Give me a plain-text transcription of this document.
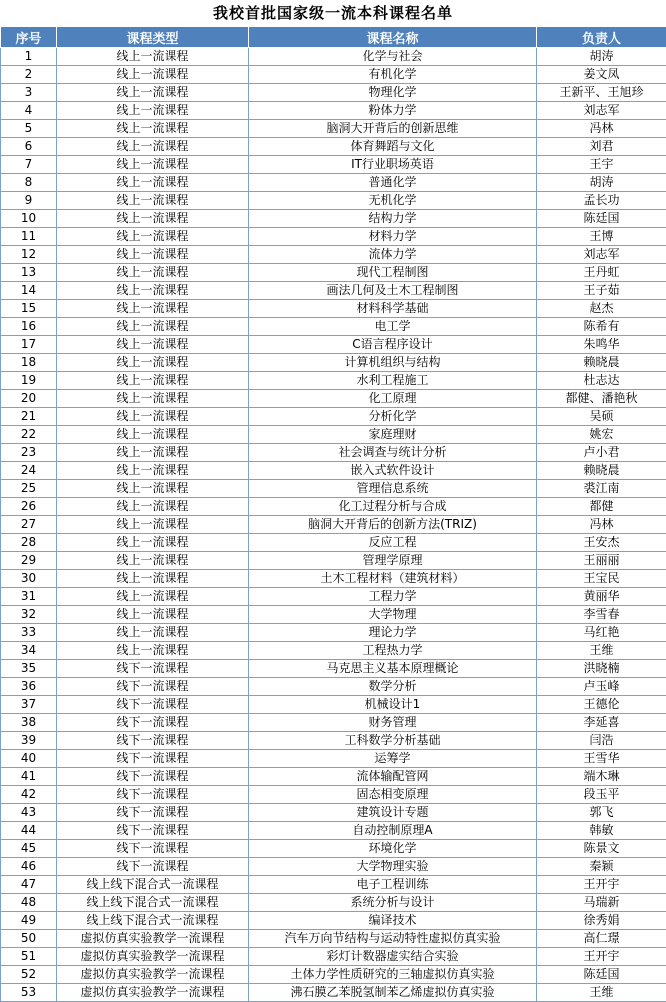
我校首批国家级一流本科课程名单
序号	课程类型	课程名称	负责人
1	线上一流课程	化学与社会	胡涛
2	线上一流课程	有机化学	姜文凤
3	线上一流课程	物理化学	王新平、王旭珍
4	线上一流课程	粉体力学	刘志军
5	线上一流课程	脑洞大开背后的创新思维	冯林
6	线上一流课程	体育舞蹈与文化	刘君
7	线上一流课程	IT行业职场英语	王宇
8	线上一流课程	普通化学	胡涛
9	线上一流课程	无机化学	孟长功
10	线上一流课程	结构力学	陈廷国
11	线上一流课程	材料力学	王博
12	线上一流课程	流体力学	刘志军
13	线上一流课程	现代工程制图	王丹虹
14	线上一流课程	画法几何及土木工程制图	王子茹
15	线上一流课程	材料科学基础	赵杰
16	线上一流课程	电工学	陈希有
17	线上一流课程	C语言程序设计	朱鸣华
18	线上一流课程	计算机组织与结构	赖晓晨
19	线上一流课程	水利工程施工	杜志达
20	线上一流课程	化工原理	都健、潘艳秋
21	线上一流课程	分析化学	吴硕
22	线上一流课程	家庭理财	姚宏
23	线上一流课程	社会调查与统计分析	卢小君
24	线上一流课程	嵌入式软件设计	赖晓晨
25	线上一流课程	管理信息系统	裘江南
26	线上一流课程	化工过程分析与合成	都健
27	线上一流课程	脑洞大开背后的创新方法(TRIZ)	冯林
28	线上一流课程	反应工程	王安杰
29	线上一流课程	管理学原理	王丽丽
30	线上一流课程	土木工程材料（建筑材料）	王宝民
31	线上一流课程	工程力学	黄丽华
32	线上一流课程	大学物理	李雪春
33	线上一流课程	理论力学	马红艳
34	线上一流课程	工程热力学	王维
35	线下一流课程	马克思主义基本原理概论	洪晓楠
36	线下一流课程	数学分析	卢玉峰
37	线下一流课程	机械设计1	王德伦
38	线下一流课程	财务管理	李延喜
39	线下一流课程	工科数学分析基础	闫浩
40	线下一流课程	运筹学	王雪华
41	线下一流课程	流体输配管网	端木琳
42	线下一流课程	固态相变原理	段玉平
43	线下一流课程	建筑设计专题	郭飞
44	线下一流课程	自动控制原理A	韩敏
45	线下一流课程	环境化学	陈景文
46	线下一流课程	大学物理实验	秦颖
47	线上线下混合式一流课程	电子工程训练	王开宇
48	线上线下混合式一流课程	系统分析与设计	马瑞新
49	线上线下混合式一流课程	编译技术	徐秀娟
50	虚拟仿真实验教学一流课程	汽车万向节结构与运动特性虚拟仿真实验	高仁璟
51	虚拟仿真实验教学一流课程	彩灯计数器虚实结合实验	王开宇
52	虚拟仿真实验教学一流课程	土体力学性质研究的三轴虚拟仿真实验	陈廷国
53	虚拟仿真实验教学一流课程	沸石膜乙苯脱氢制苯乙烯虚拟仿真实验	王维
